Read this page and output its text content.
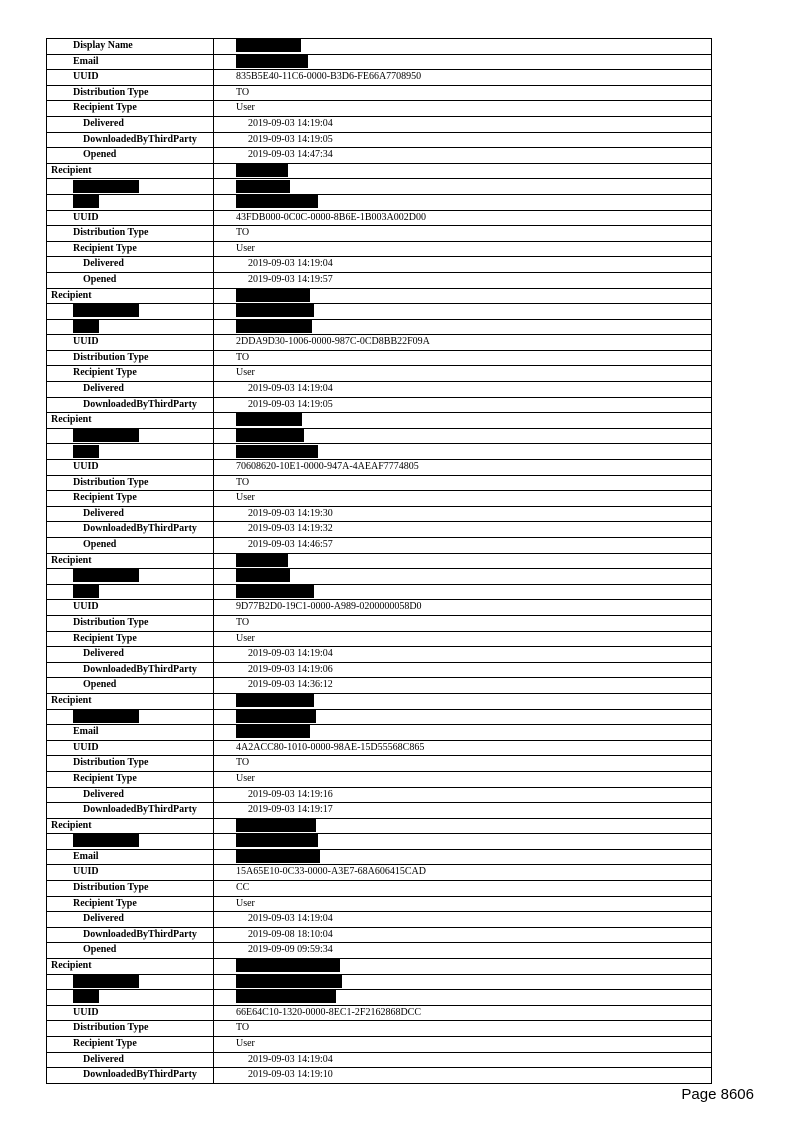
Display Name	
Email	
UUID	835B5E40-11C6-0000-B3D6-FE66A7708950
Distribution Type	TO
Recipient Type	User
Delivered	2019-09-03 14:19:04
DownloadedByThirdParty	2019-09-03 14:19:05
Opened	2019-09-03 14:47:34
Recipient	

UUID	43FDB000-0C0C-0000-8B6E-1B003A002D00
Distribution Type	TO
Recipient Type	User
Delivered	2019-09-03 14:19:04
Opened	2019-09-03 14:19:57
Recipient	

UUID	2DDA9D30-1006-0000-987C-0CD8BB22F09A
Distribution Type	TO
Recipient Type	User
Delivered	2019-09-03 14:19:04
DownloadedByThirdParty	2019-09-03 14:19:05
Recipient	

UUID	70608620-10E1-0000-947A-4AEAF7774805
Distribution Type	TO
Recipient Type	User
Delivered	2019-09-03 14:19:30
DownloadedByThirdParty	2019-09-03 14:19:32
Opened	2019-09-03 14:46:57
Recipient	

UUID	9D77B2D0-19C1-0000-A989-0200000058D0
Distribution Type	TO
Recipient Type	User
Delivered	2019-09-03 14:19:04
DownloadedByThirdParty	2019-09-03 14:19:06
Opened	2019-09-03 14:36:12
Recipient	

Email	
UUID	4A2ACC80-1010-0000-98AE-15D55568C865
Distribution Type	TO
Recipient Type	User
Delivered	2019-09-03 14:19:16
DownloadedByThirdParty	2019-09-03 14:19:17
Recipient	

Email	
UUID	15A65E10-0C33-0000-A3E7-68A606415CAD
Distribution Type	CC
Recipient Type	User
Delivered	2019-09-03 14:19:04
DownloadedByThirdParty	2019-09-08 18:10:04
Opened	2019-09-09 09:59:34
Recipient	

UUID	66E64C10-1320-0000-8EC1-2F2162868DCC
Distribution Type	TO
Recipient Type	User
Delivered	2019-09-03 14:19:04
DownloadedByThirdParty	2019-09-03 14:19:10
Page 8606
